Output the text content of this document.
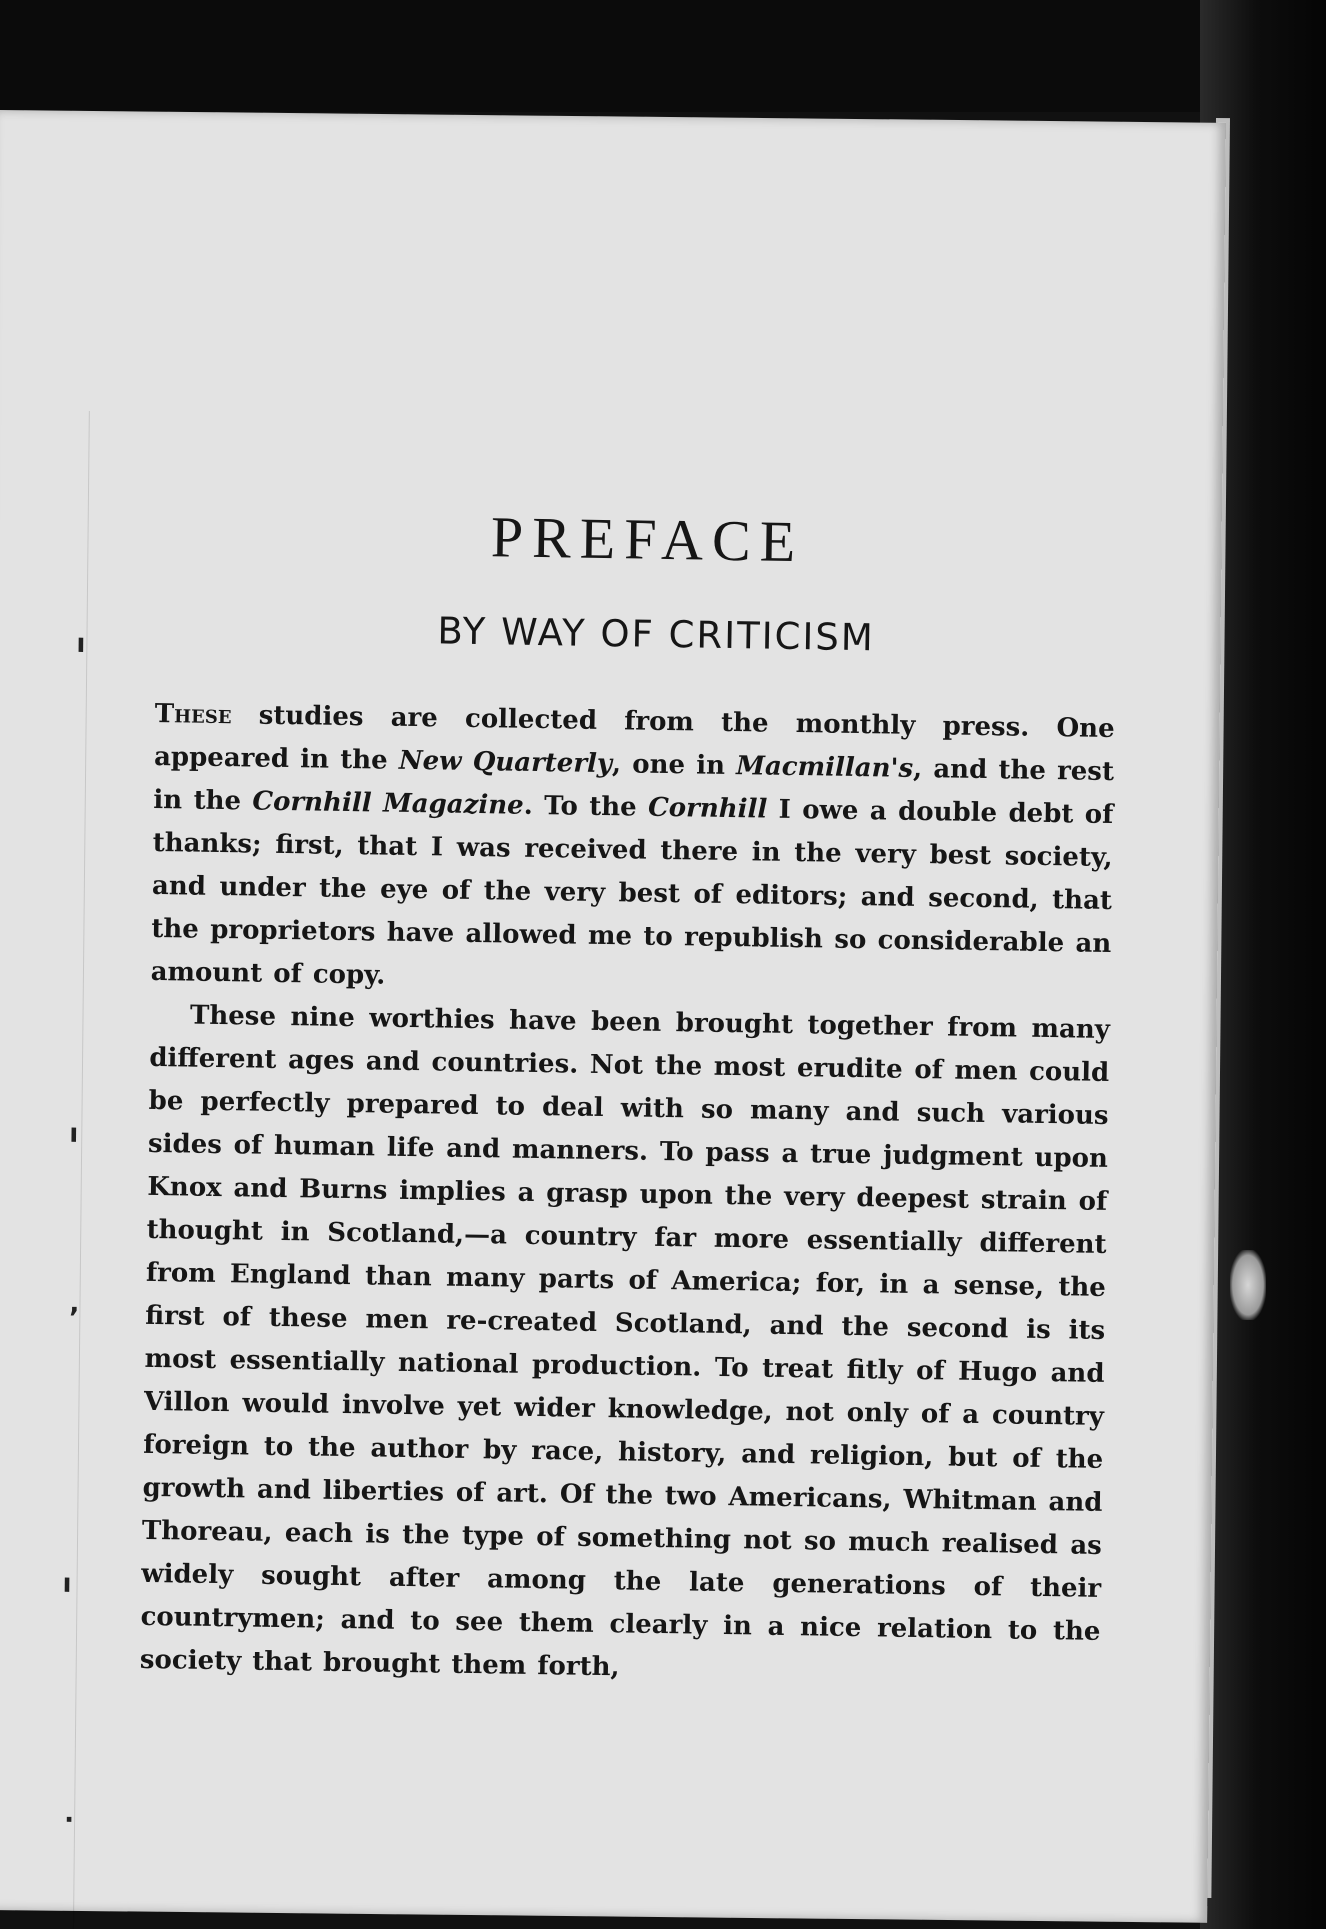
ı
ı
,
ı
.
PREFACE
BY WAY OF CRITICISM

These studies are collected from the monthly press. One appeared in the New Quarterly, one in Macmillan's, and the rest in the Cornhill Magazine. To the Cornhill I owe a double debt of thanks; first, that I was received there in the very best society, and under the eye of the very best of editors; and second, that the proprietors have allowed me to republish so considerable an amount of copy.

These nine worthies have been brought together from many different ages and countries. Not the most erudite of men could be perfectly prepared to deal with so many and such various sides of human life and manners. To pass a true judgment upon Knox and Burns implies a grasp upon the very deepest strain of thought in Scotland,—a country far more essentially different from England than many parts of America; for, in a sense, the first of these men re-created Scotland, and the second is its most essentially national production. To treat fitly of Hugo and Villon would involve yet wider knowledge, not only of a country foreign to the author by race, history, and religion, but of the growth and liberties of art. Of the two Americans, Whitman and Thoreau, each is the type of something not so much realised as widely sought after among the late generations of their countrymen; and to see them clearly in a nice relation to the society that brought them forth,
